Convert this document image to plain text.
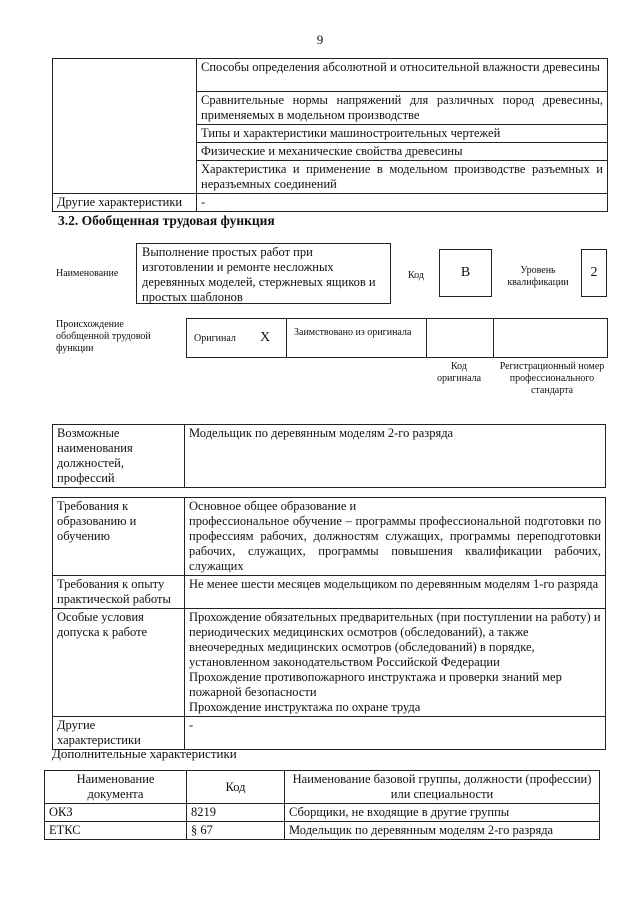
9
	Способы определения абсолютной и относительной влажности древесины
	Сравнительные нормы напряжений для различных пород древесины, применяемых в модельном производстве
	Типы и характеристики машиностроительных чертежей
	Физические и механические свойства древесины
	Характеристика и применение в модельном производстве разъемных и неразъемных соединений
Другие характеристики	-
3.2. Обобщенная трудовая функция
Наименование
Выполнение простых работ при изготовлении и ремонте несложных деревянных моделей, стержневых ящиков и простых шаблонов
Код	В	Уровень квалификации
2
Происхождение обобщенной трудовой функции
Оригинал X Заимствовано из оригинала
Код оригинала
Регистрационный номер профессионального стандарта
Возможные наименования должностей, профессий	Модельщик по деревянным моделям 2-го разряда
Требования к образованию и обучению	Основное общее образование и
профессиональное обучение – программы профессиональной подготовки по профессиям рабочих, должностям служащих, программы переподготовки рабочих, служащих, программы повышения квалификации рабочих, служащих

Требования к опыту практической работы	Не менее шести месяцев модельщиком по деревянным моделям 1-го разряда

Особые условия допуска к работе	Прохождение обязательных предварительных (при поступлении на работу) и периодических медицинских осмотров (обследований), а также внеочередных медицинских осмотров (обследований) в порядке, установленном законодательством Российской Федерации
Прохождение противопожарного инструктажа и проверки знаний мер пожарной безопасности
Прохождение инструктажа по охране труда

Другие характеристики	-
Дополнительные характеристики
Наименование документа	Код	Наименование базовой группы, должности (профессии) или специальности
ОКЗ	8219	Сборщики, не входящие в другие группы
ЕТКС	§ 67	Модельщик по деревянным моделям 2-го разряда
